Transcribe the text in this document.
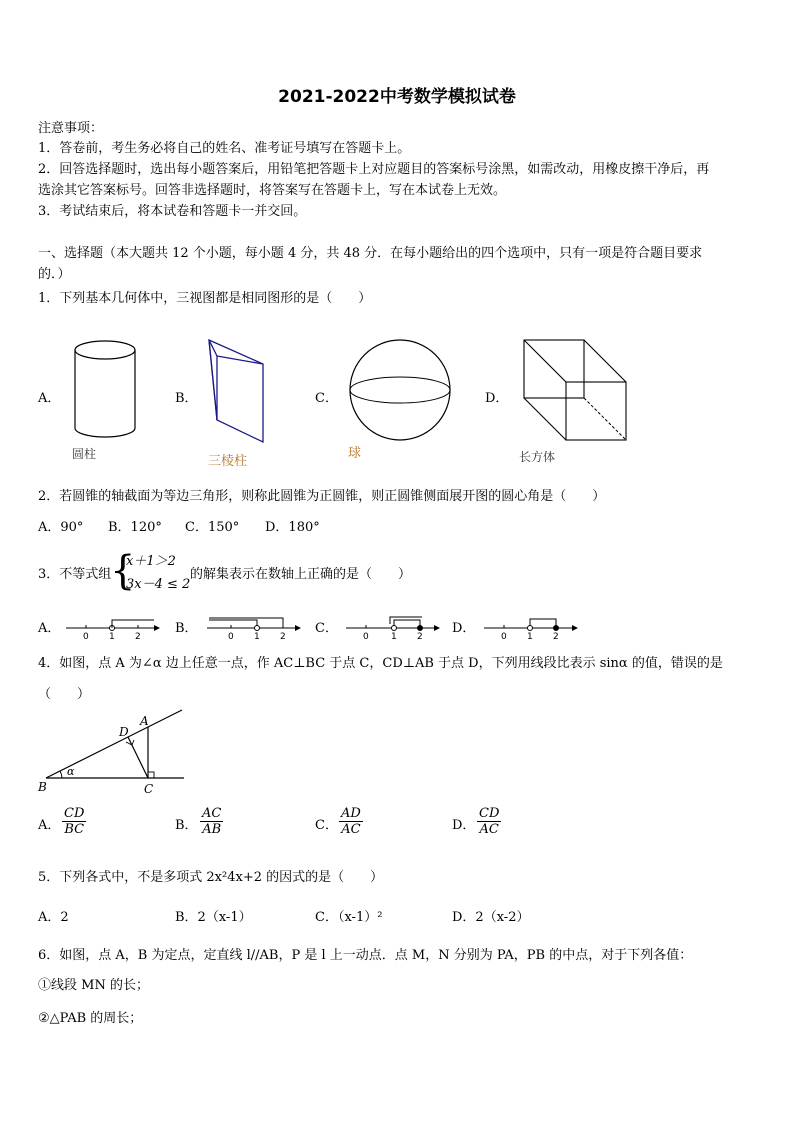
2021-2022中考数学模拟试卷
注意事项：
1．答卷前，考生务必将自己的姓名、准考证号填写在答题卡上。
2．回答选择题时，选出每小题答案后，用铅笔把答题卡上对应题目的答案标号涂黑，如需改动，用橡皮擦干净后，再
选涂其它答案标号。回答非选择题时，将答案写在答题卡上，写在本试卷上无效。
3．考试结束后，将本试卷和答题卡一并交回。
一、选择题（本大题共 12 个小题，每小题 4 分，共 48 分．在每小题给出的四个选项中，只有一项是符合题目要求
的．）
1．下列基本几何体中，三视图都是相同图形的是（　　）
A．
圆柱
B．
三棱柱
C．
球
D．
长方体
2．若圆锥的轴截面为等边三角形，则称此圆锥为正圆锥，则正圆锥侧面展开图的圆心角是（　　）
A．90° B．120° C．150° D．180°
3．不等式组
{
x＋1＞2
3x－4 ≤ 2
的解集表示在数轴上正确的是（　　）
A．	B．	C．	D．
0 1 2	0 1 2	0 1 2	0 1 2
4．如图，点 A 为∠α 边上任意一点，作 AC⊥BC 于点 C，CD⊥AB 于点 D，下列用线段比表示 sinα 的值，错误的是
（　　）
A
B	C
D
α
A． $\frac{CD}{BC}$	B． $\frac{AC}{AB}$	C． $\frac{AD}{AC}$	D． $\frac{CD}{AC}$
5．下列各式中，不是多项式 2x²4x+2 的因式的是（　　）
A．2	B．2（x-1）	C．（x-1）²	D．2（x-2）
6．如图，点 A，B 为定点，定直线 l//AB，P 是 l 上一动点．点 M，N 分别为 PA，PB 的中点，对于下列各值：
①线段 MN 的长；
②△PAB 的周长；
